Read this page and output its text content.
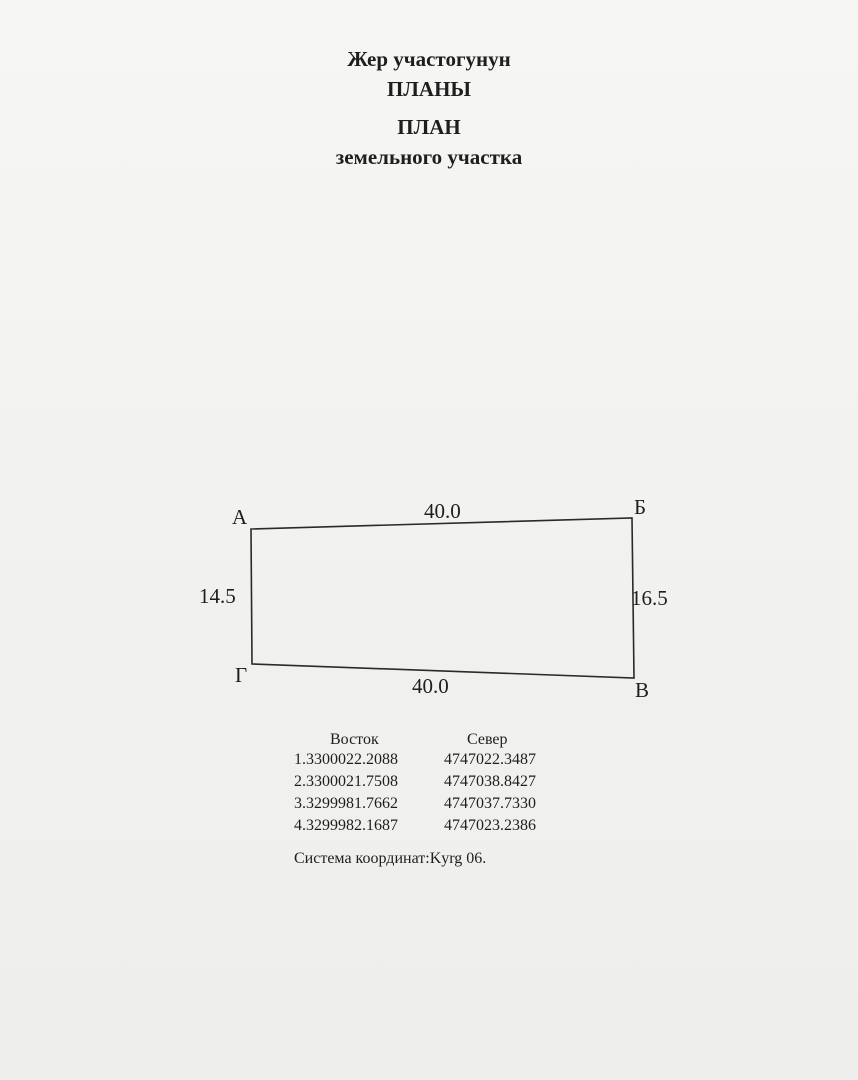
Жер участогунун
ПЛАНЫ
ПЛАН
земельного участка
А	Б
В
Г
40.0
40.0
14.5	16.5
Восток	Север
1.3300022.2088	4747022.3487
2.3300021.7508	4747038.8427
3.3299981.7662	4747037.7330
4.3299982.1687	4747023.2386
Система координат:Kyrg 06.
